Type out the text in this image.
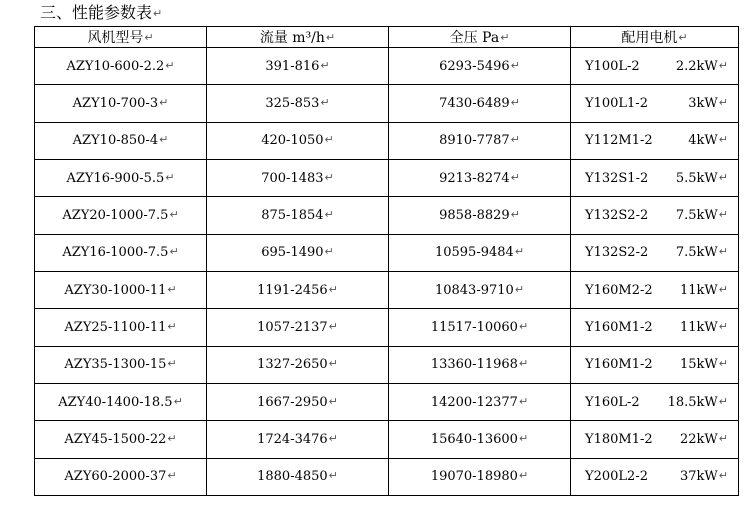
三、性能参数表↵
风机型号↵	流量 m³/h↵	全压 Pa↵	配用电机↵
AZY10-600-2.2↵	391-816↵	6293-5496↵	Y100L-2 2.2kW↵

AZY10-700-3↵	325-853↵	7430-6489↵	Y100L1-2 3kW↵

AZY10-850-4↵	420-1050↵	8910-7787↵	Y112M1-2 4kW↵

AZY16-900-5.5↵	700-1483↵	9213-8274↵	Y132S1-2 5.5kW↵

AZY20-1000-7.5↵	875-1854↵	9858-8829↵	Y132S2-2 7.5kW↵

AZY16-1000-7.5↵	695-1490↵	10595-9484↵	Y132S2-2 7.5kW↵

AZY30-1000-11↵	1191-2456↵	10843-9710↵	Y160M2-2 11kW↵

AZY25-1100-11↵	1057-2137↵	11517-10060↵	Y160M1-2 11kW↵

AZY35-1300-15↵	1327-2650↵	13360-11968↵	Y160M1-2 15kW↵

AZY40-1400-18.5↵	1667-2950↵	14200-12377↵	Y160L-2 18.5kW↵

AZY45-1500-22↵	1724-3476↵	15640-13600↵	Y180M1-2 22kW↵

AZY60-2000-37↵	1880-4850↵	19070-18980↵	Y200L2-2 37kW↵
